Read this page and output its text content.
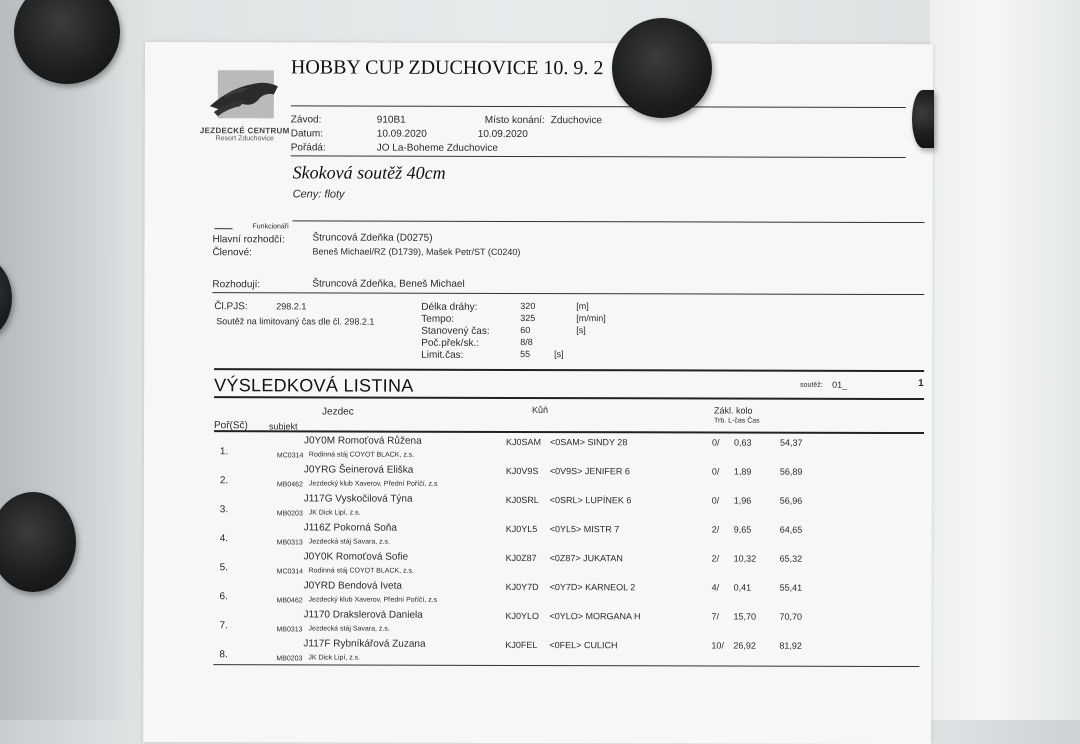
JEZDECKÉ CENTRUM
Resort Zduchovice
HOBBY CUP ZDUCHOVICE 10. 9. 2
Závod:	910B1	Místo konání: Zduchovice
Datum:	10.09.2020	10.09.2020
Pořádá:	JO La-Boheme Zduchovice
Skoková soutěž 40cm
Ceny: floty
Funkcionáři
Hlavní rozhodčí:	Štruncová Zdeňka (D0275)
Členové:	Beneš Michael/RZ (D1739), Mašek Petr/ST (C0240)
Rozhodují:	Štruncová Zdeňka, Beneš Michael
Čl.PJS:	298.2.1
Soutěž na limitovaný čas dle čl. 298.2.1
Délka dráhy:	320	[m]
Tempo:	325	[m/min]
Stanovený čas:	60	[s]
Poč.přek/sk.:	8/8
Limit.čas:	55	[s]
VÝSLEDKOVÁ LISTINA	soutěž: 01_	1
Jezdec	Kůň	Zákl. kolo
Trb. L-čas Čas
Poř(Sč) subjekt
1.
J0Y0M Romoťová Růžena
MC0314 Rodinná stáj COYOT BLACK, z.s.
KJ0SAM <0SAM> SINDY 28	0/ 0,63	54,37
2.
J0YRG Šeinerová Eliška
MB0462 Jezdecký klub Xaverov, Přední Poříčí, z.s
KJ0V9S <0V9S> JENIFER 6	0/ 1,89	56,89
3.
J117G Vyskočilová Týna
MB0203 JK Dick Lipí, z.s.
KJ0SRL <0SRL> LUPÍNEK 6	0/ 1,96	56,96
4.
J116Z Pokorná Soňa
MB0313 Jezdecká stáj Savara, z.s.
KJ0YL5 <0YL5> MISTR 7	2/ 9,65	64,65
5.
J0Y0K Romoťová Sofie
MC0314 Rodinná stáj COYOT BLACK, z.s.
KJ0Z87 <0Z87> JUKATAN	2/ 10,32	65,32
6.
J0YRD Bendová Iveta
MB0462 Jezdecký klub Xaverov, Přední Poříčí, z.s
KJ0Y7D <0Y7D> KARNEOL 2	4/ 0,41	55,41
7.
J1170 Drakslerová Daniela
MB0313 Jezdecká stáj Savara, z.s.
KJ0YLO <0YLO> MORGANA H	7/ 15,70	70,70
8.
J117F Rybníkářová Zuzana
MB0203 JK Dick Lipí, z.s.
KJ0FEL <0FEL> CULICH	10/ 26,92	81,92
